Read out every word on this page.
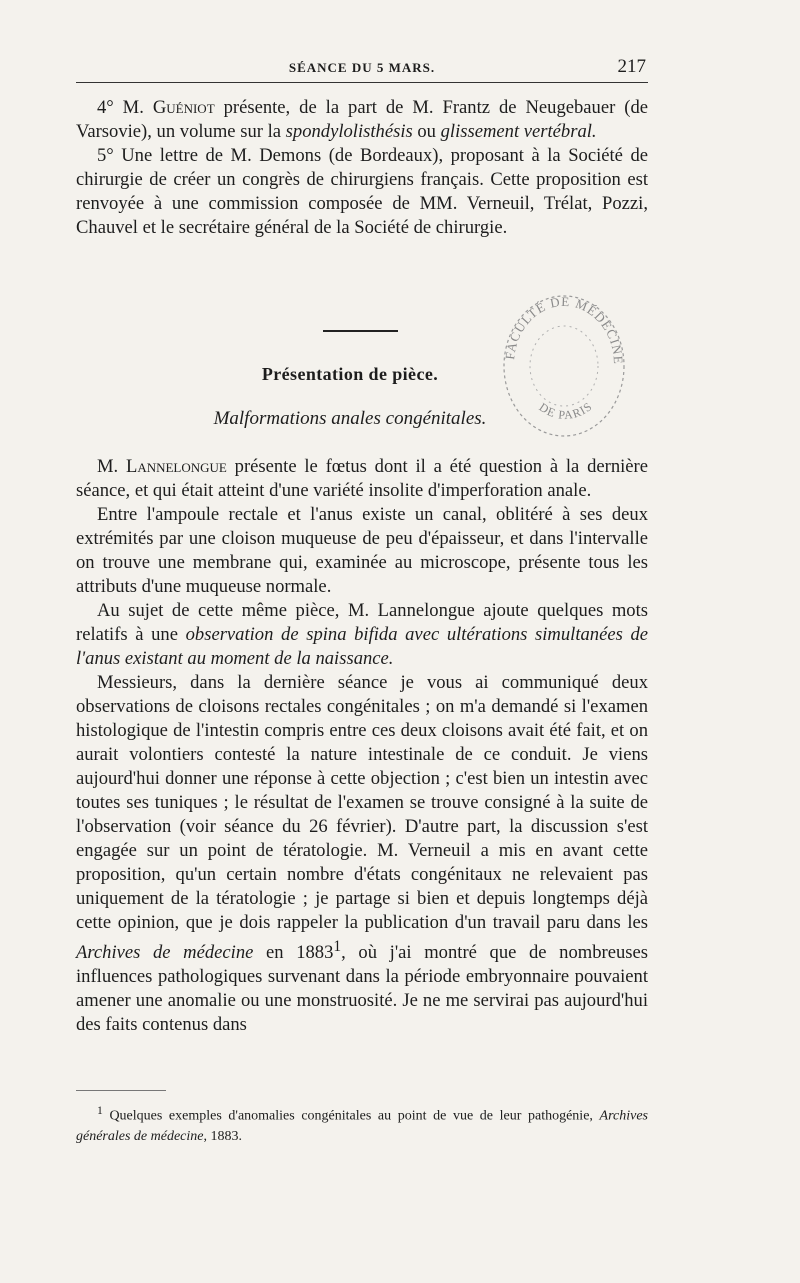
SÉANCE DU 5 MARS.	217

4° M. Guéniot présente, de la part de M. Frantz de Neugebauer (de Varsovie), un volume sur la spondylolisthésis ou glissement vertébral.

5° Une lettre de M. Demons (de Bordeaux), proposant à la Société de chirurgie de créer un congrès de chirurgiens français. Cette proposition est renvoyée à une commission composée de MM. Verneuil, Trélat, Pozzi, Chauvel et le secrétaire général de la Société de chirurgie.

Présentation de pièce.
Malformations anales congénitales.
FACULTÉ DE MÉDECINE
DE PARIS

M. Lannelongue présente le fœtus dont il a été question à la dernière séance, et qui était atteint d'une variété insolite d'imperforation anale.

Entre l'ampoule rectale et l'anus existe un canal, oblitéré à ses deux extrémités par une cloison muqueuse de peu d'épaisseur, et dans l'intervalle on trouve une membrane qui, examinée au microscope, présente tous les attributs d'une muqueuse normale.

Au sujet de cette même pièce, M. Lannelongue ajoute quelques mots relatifs à une observation de spina bifida avec ultérations simultanées de l'anus existant au moment de la naissance.

Messieurs, dans la dernière séance je vous ai communiqué deux observations de cloisons rectales congénitales ; on m'a demandé si l'examen histologique de l'intestin compris entre ces deux cloisons avait été fait, et on aurait volontiers contesté la nature intestinale de ce conduit. Je viens aujourd'hui donner une réponse à cette objection ; c'est bien un intestin avec toutes ses tuniques ; le résultat de l'examen se trouve consigné à la suite de l'observation (voir séance du 26 février). D'autre part, la discussion s'est engagée sur un point de tératologie. M. Verneuil a mis en avant cette proposition, qu'un certain nombre d'états congénitaux ne relevaient pas uniquement de la tératologie ; je partage si bien et depuis longtemps déjà cette opinion, que je dois rappeler la publication d'un travail paru dans les Archives de médecine en 1883$^1$, où j'ai montré que de nombreuses influences pathologiques survenant dans la période embryonnaire pouvaient amener une anomalie ou une monstruosité. Je ne me servirai pas aujourd'hui des faits contenus dans

$^1$ Quelques exemples d'anomalies congénitales au point de vue de leur pathogénie, Archives générales de médecine, 1883.
